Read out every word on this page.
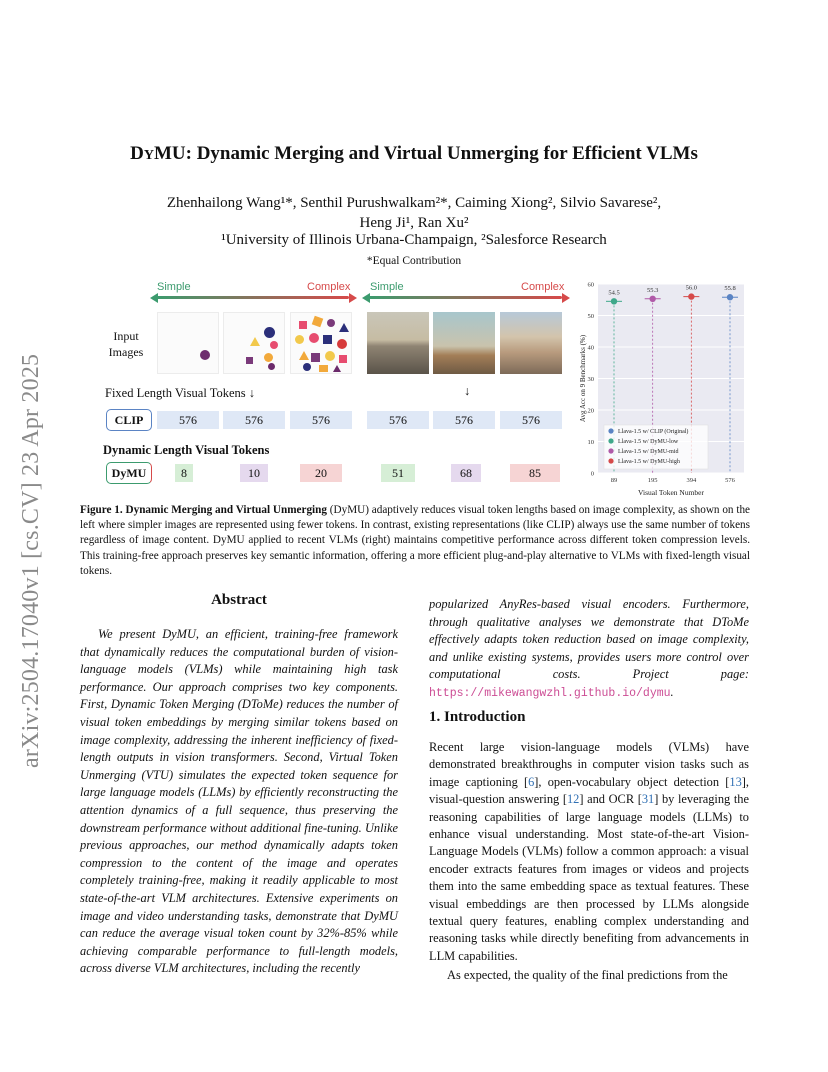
arXiv:2504.17040v1 [cs.CV] 23 Apr 2025
DYMU: Dynamic Merging and Virtual Unmerging for Efficient VLMs
Zhenhailong Wang¹*, Senthil Purushwalkam²*, Caiming Xiong², Silvio Savarese²,
Heng Ji¹, Ran Xu²
¹University of Illinois Urbana-Champaign, ²Salesforce Research
*Equal Contribution
Simple	Complex Simple	Complex
Input
Images
Fixed Length Visual Tokens ↓	↓
CLIP	576	576	576	576	576	576
Dynamic Length Visual Tokens
DyMU	8	10	20	51	68	85	0
10
20
30
40
50
60
89	195	394	576
Visual Token Number
Avg Acc on 9 Benchmarks (%)
55.8
54.5	55.3	56.0
Llava-1.5 w/ CLIP (Original)
Llava-1.5 w/ DyMU-low
Llava-1.5 w/ DyMU-mid
Llava-1.5 w/ DyMU-high
Figure 1. Dynamic Merging and Virtual Unmerging (DyMU) adaptively reduces visual token lengths based on image complexity, as shown on the left where simpler images are represented using fewer tokens. In contrast, existing representations (like CLIP) always use the same number of tokens regardless of image content. DyMU applied to recent VLMs (right) maintains competitive performance across different token compression levels. This training-free approach preserves key semantic information, offering a more efficient plug-and-play alternative to VLMs with fixed-length visual tokens.
Abstract

We present DyMU, an efficient, training-free framework that dynamically reduces the computational burden of vision-language models (VLMs) while maintaining high task performance. Our approach comprises two key components. First, Dynamic Token Merging (DToMe) reduces the number of visual token embeddings by merging similar tokens based on image complexity, addressing the inherent inefficiency of fixed-length outputs in vision transformers. Second, Virtual Token Unmerging (VTU) simulates the expected token sequence for large language models (LLMs) by efficiently reconstructing the attention dynamics of a full sequence, thus preserving the downstream performance without additional fine-tuning. Unlike previous approaches, our method dynamically adapts token compression to the content of the image and operates completely training-free, making it readily applicable to most state-of-the-art VLM architectures. Extensive experiments on image and video understanding tasks, demonstrate that DyMU can reduce the average visual token count by 32%-85% while achieving comparable performance to full-length models, across diverse VLM architectures, including the recently

popularized AnyRes-based visual encoders. Furthermore, through qualitative analyses we demonstrate that DToMe effectively adapts token reduction based on image complexity, and unlike existing systems, provides users more control over computational costs. Project page: https://mikewangwzhl.github.io/dymu.
1. Introduction

Recent large vision-language models (VLMs) have demonstrated breakthroughs in computer vision tasks such as image captioning [6], open-vocabulary object detection [13], visual-question answering [12] and OCR [31] by leveraging the reasoning capabilities of large language models (LLMs) to enhance visual understanding. Most state-of-the-art Vision-Language Models (VLMs) follow a common approach: a visual encoder extracts features from images or videos and projects them into the same embedding space as textual features. These visual embeddings are then processed by LLMs alongside textual query features, enabling complex understanding and reasoning tasks while directly benefiting from advancements in LLM capabilities.

As expected, the quality of the final predictions from the
